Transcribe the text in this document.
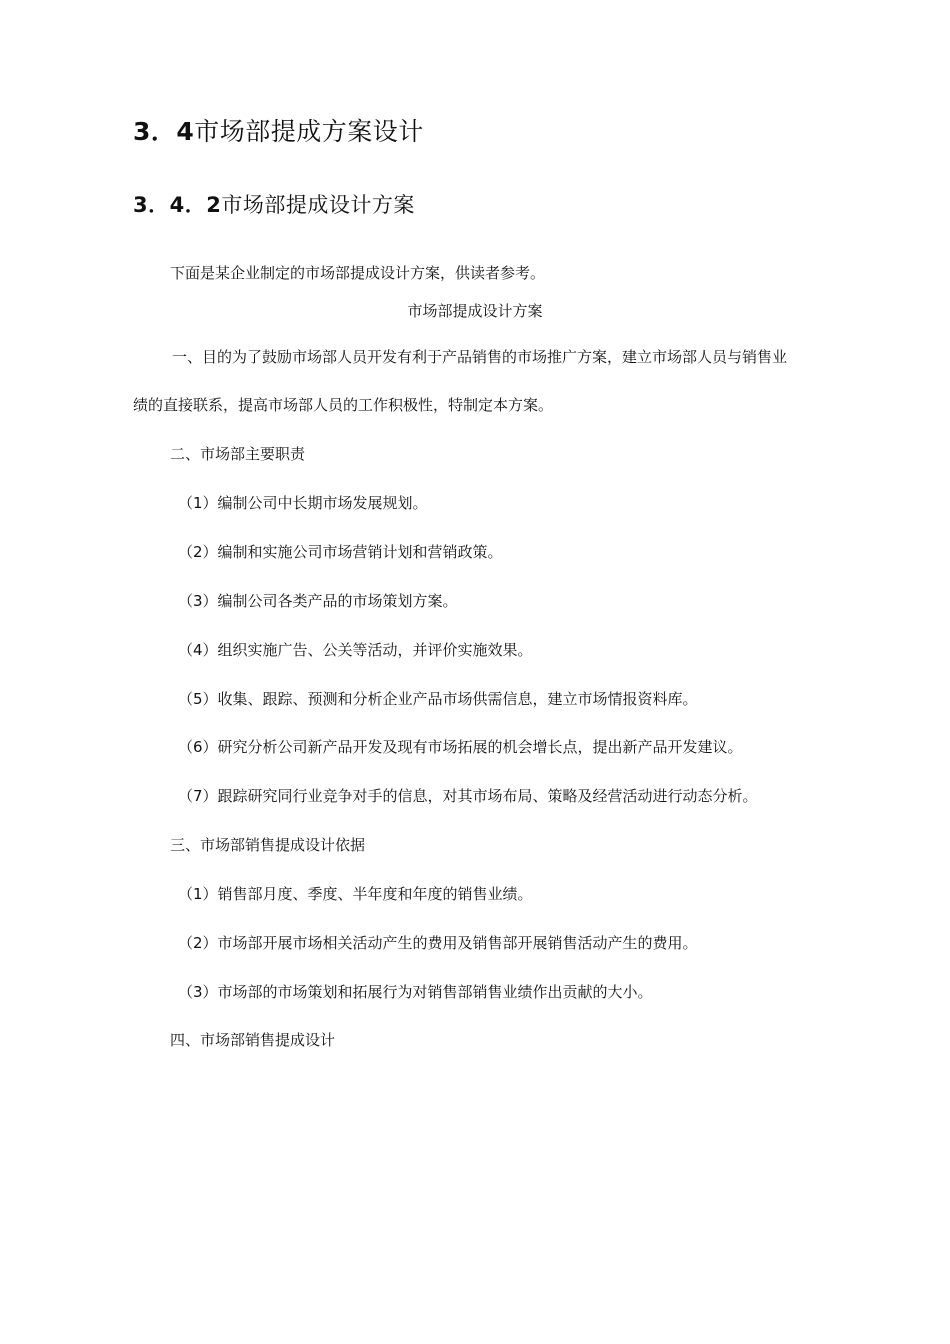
3．4市场部提成方案设计
3．4．2市场部提成设计方案
下面是某企业制定的市场部提成设计方案，供读者参考。
市场部提成设计方案
一、目的为了鼓励市场部人员开发有利于产品销售的市场推广方案，建立市场部人员与销售业
绩的直接联系，提高市场部人员的工作积极性，特制定本方案。
二、市场部主要职责
（1）编制公司中长期市场发展规划。
（2）编制和实施公司市场营销计划和营销政策。
（3）编制公司各类产品的市场策划方案。
（4）组织实施广告、公关等活动，并评价实施效果。
（5）收集、跟踪、预测和分析企业产品市场供需信息，建立市场情报资料库。
（6）研究分析公司新产品开发及现有市场拓展的机会增长点，提出新产品开发建议。
（7）跟踪研究同行业竞争对手的信息，对其市场布局、策略及经营活动进行动态分析。
三、市场部销售提成设计依据
（1）销售部月度、季度、半年度和年度的销售业绩。
（2）市场部开展市场相关活动产生的费用及销售部开展销售活动产生的费用。
（3）市场部的市场策划和拓展行为对销售部销售业绩作出贡献的大小。
四、市场部销售提成设计
